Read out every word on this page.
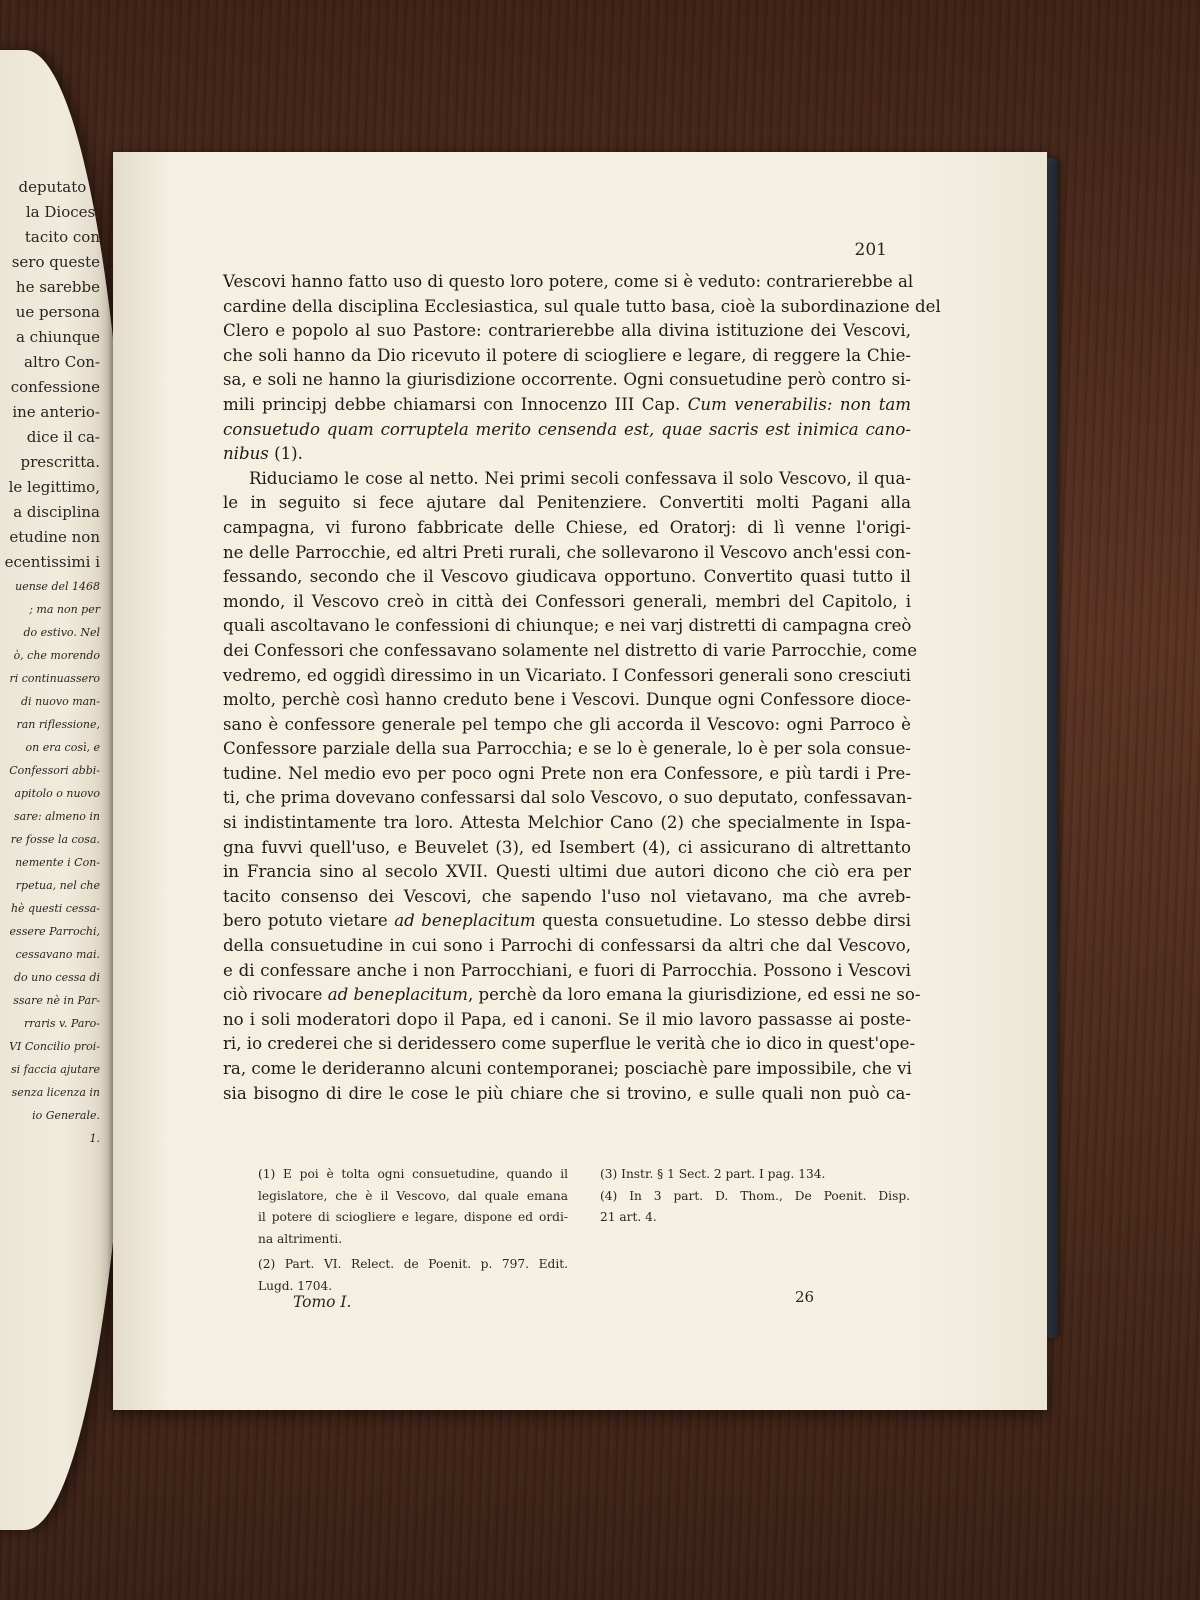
deputato a
la Diocesi
tacito con
sero queste
he sarebbe
ue persona
a chiunque
altro Con-
confessione
ine anterio-
dice il ca-
prescritta.
le legittimo,
a disciplina
etudine non
ecentissimi i
uense del 1468
; ma non per
do estivo. Nel
ò, che morendo
ri continuassero
di nuovo man-
ran riflessione,
on era così, e
Confessori abbi-
apitolo o nuovo
sare: almeno in
re fosse la cosa.
nemente i Con-
rpetua, nel che
hè questi cessa-
essere Parrochi,
cessavano mai.
do uno cessa di
ssare nè in Par-
rraris v. Paro-
VI Concilio proi-
si faccia ajutare
senza licenza in
io Generale.
1.
201
Vescovi hanno fatto uso di questo loro potere, come si è veduto: contrarierebbe al
cardine della disciplina Ecclesiastica, sul quale tutto basa, cioè la subordinazione del
Clero e popolo al suo Pastore: contrarierebbe alla divina istituzione dei Vescovi,
che soli hanno da Dio ricevuto il potere di sciogliere e legare, di reggere la Chie-
sa, e soli ne hanno la giurisdizione occorrente. Ogni consuetudine però contro si-
mili principj debbe chiamarsi con Innocenzo III Cap. Cum venerabilis: non tam
consuetudo quam corruptela merito censenda est, quae sacris est inimica cano-
nibus (1).
Riduciamo le cose al netto. Nei primi secoli confessava il solo Vescovo, il qua-
le in seguito si fece ajutare dal Penitenziere. Convertiti molti Pagani alla
campagna, vi furono fabbricate delle Chiese, ed Oratorj: di lì venne l'origi-
ne delle Parrocchie, ed altri Preti rurali, che sollevarono il Vescovo anch'essi con-
fessando, secondo che il Vescovo giudicava opportuno. Convertito quasi tutto il
mondo, il Vescovo creò in città dei Confessori generali, membri del Capitolo, i
quali ascoltavano le confessioni di chiunque; e nei varj distretti di campagna creò
dei Confessori che confessavano solamente nel distretto di varie Parrocchie, come
vedremo, ed oggidì diressimo in un Vicariato. I Confessori generali sono cresciuti
molto, perchè così hanno creduto bene i Vescovi. Dunque ogni Confessore dioce-
sano è confessore generale pel tempo che gli accorda il Vescovo: ogni Parroco è
Confessore parziale della sua Parrocchia; e se lo è generale, lo è per sola consue-
tudine. Nel medio evo per poco ogni Prete non era Confessore, e più tardi i Pre-
ti, che prima dovevano confessarsi dal solo Vescovo, o suo deputato, confessavan-
si indistintamente tra loro. Attesta Melchior Cano (2) che specialmente in Ispa-
gna fuvvi quell'uso, e Beuvelet (3), ed Isembert (4), ci assicurano di altrettanto
in Francia sino al secolo XVII. Questi ultimi due autori dicono che ciò era per
tacito consenso dei Vescovi, che sapendo l'uso nol vietavano, ma che avreb-
bero potuto vietare ad beneplacitum questa consuetudine. Lo stesso debbe dirsi
della consuetudine in cui sono i Parrochi di confessarsi da altri che dal Vescovo,
e di confessare anche i non Parrocchiani, e fuori di Parrocchia. Possono i Vescovi
ciò rivocare ad beneplacitum, perchè da loro emana la giurisdizione, ed essi ne so-
no i soli moderatori dopo il Papa, ed i canoni. Se il mio lavoro passasse ai poste-
ri, io crederei che si deridessero come superflue le verità che io dico in quest'ope-
ra, come le derideranno alcuni contemporanei; posciachè pare impossibile, che vi
sia bisogno di dire le cose le più chiare che si trovino, e sulle quali non può ca-
(1) E poi è tolta ogni consuetudine, quando il
legislatore, che è il Vescovo, dal quale emana
il potere di sciogliere e legare, dispone ed ordi-
na altrimenti.
(2) Part. VI. Relect. de Poenit. p. 797. Edit.
Lugd. 1704.
(3) Instr. § 1 Sect. 2 part. I pag. 134.
(4) In 3 part. D. Thom., De Poenit. Disp.
21 art. 4.
Tomo I.	26
